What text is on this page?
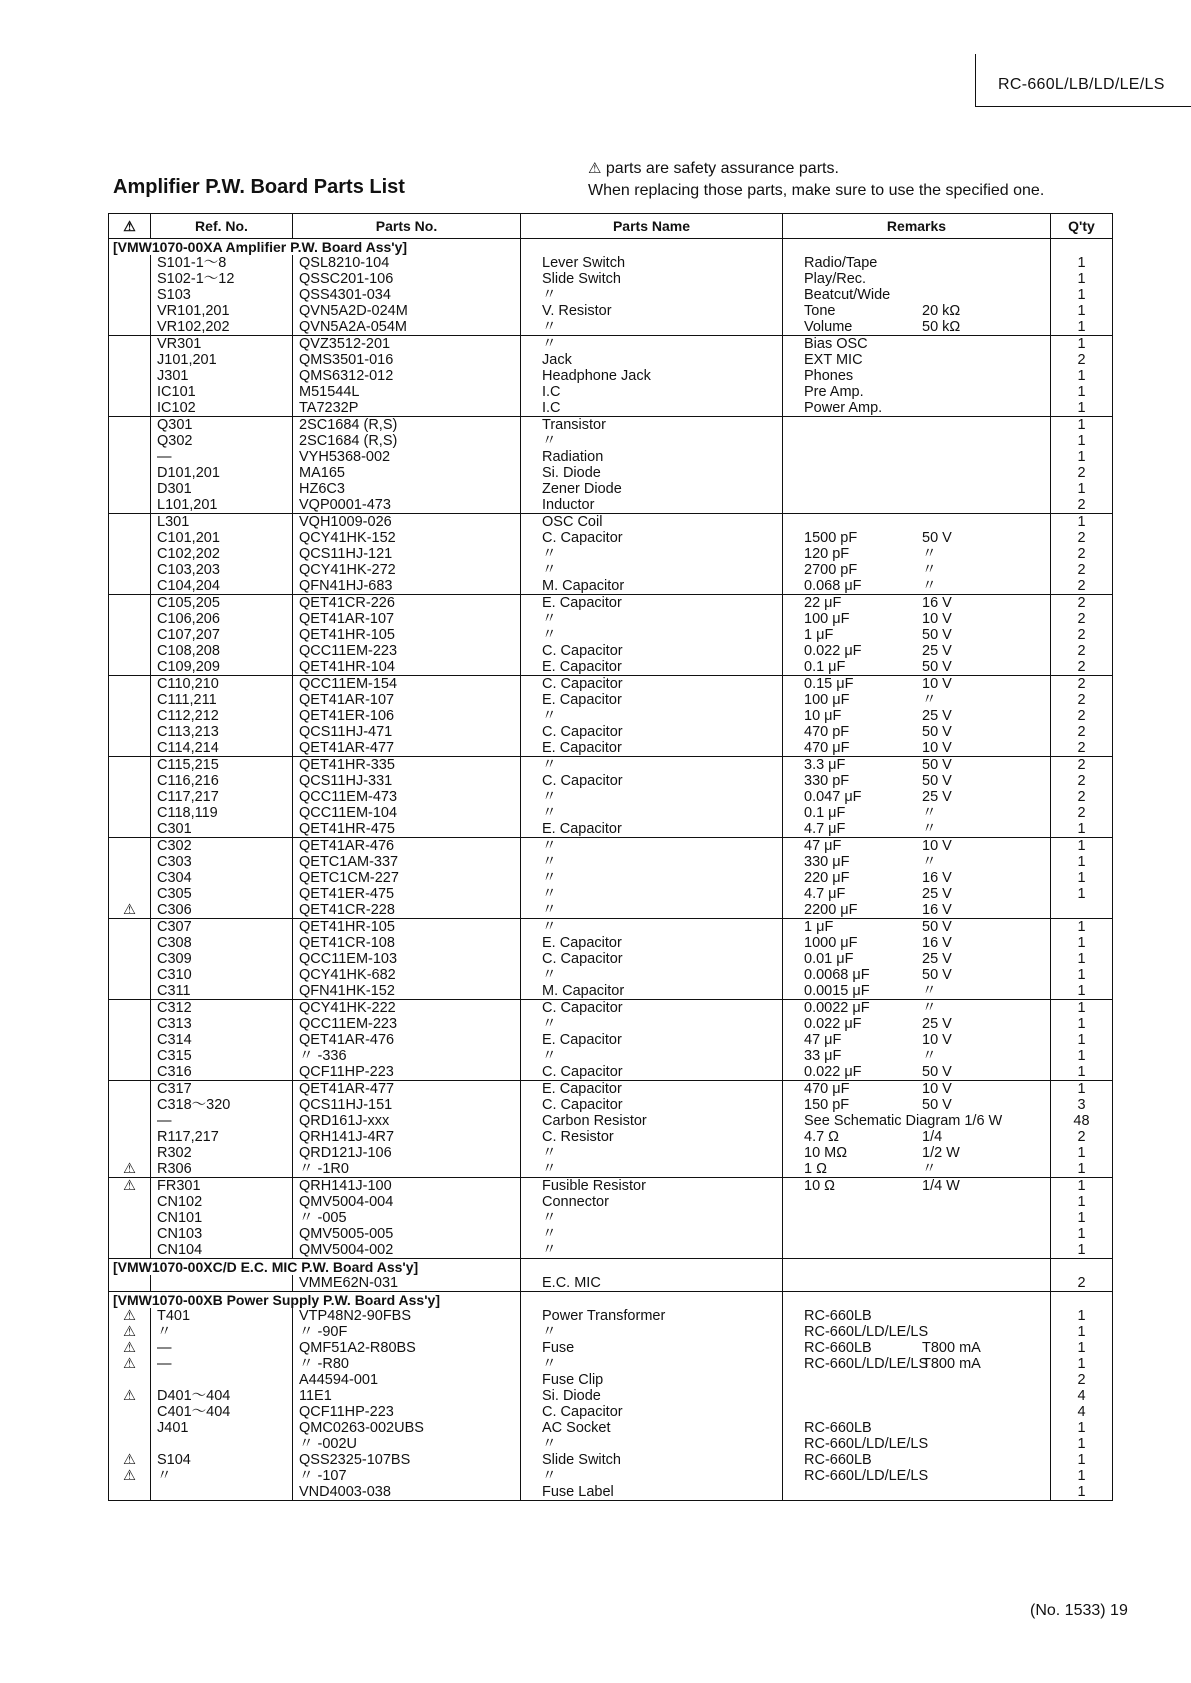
RC-660L/LB/LD/LE/LS
Amplifier P.W. Board Parts List
⚠ parts are safety assurance parts.
When replacing those parts, make sure to use the specified one.
⚠	Ref. No.	Parts No.	Parts Name	Remarks	Q'ty
[VMW1070-00XA Amplifier P.W. Board Ass'y]					
	S101-1～8	QSL8210-104	Lever Switch	Radio/Tape	1
	S102-1～12	QSSC201-106	Slide Switch	Play/Rec.	1
	S103	QSS4301-034	〃	Beatcut/Wide	1
	VR101,201	QVN5A2D-024M	V. Resistor	Tone 20 kΩ	1
	VR102,202	QVN5A2A-054M	〃	Volume 50 kΩ	1
	VR301	QVZ3512-201	〃	Bias OSC	1
	J101,201	QMS3501-016	Jack	EXT MIC	2
	J301	QMS6312-012	Headphone Jack	Phones	1
	IC101	M51544L	I.C	Pre Amp.	1
	IC102	TA7232P	I.C	Power Amp.	1
	Q301	2SC1684 (R,S)	Transistor		1
	Q302	2SC1684 (R,S)	〃		1
	—	VYH5368-002	Radiation		1
	D101,201	MA165	Si. Diode		2
	D301	HZ6C3	Zener Diode		1
	L101,201	VQP0001-473	Inductor		2
	L301	VQH1009-026	OSC Coil		1
	C101,201	QCY41HK-152	C. Capacitor	1500 pF 50 V	2
	C102,202	QCS11HJ-121	〃	120 pF 〃	2
	C103,203	QCY41HK-272	〃	2700 pF 〃	2
	C104,204	QFN41HJ-683	M. Capacitor	0.068 μF 〃	2
	C105,205	QET41CR-226	E. Capacitor	22 μF 16 V	2
	C106,206	QET41AR-107	〃	100 μF 10 V	2
	C107,207	QET41HR-105	〃	1 μF 50 V	2
	C108,208	QCC11EM-223	C. Capacitor	0.022 μF 25 V	2
	C109,209	QET41HR-104	E. Capacitor	0.1 μF 50 V	2
	C110,210	QCC11EM-154	C. Capacitor	0.15 μF 10 V	2
	C111,211	QET41AR-107	E. Capacitor	100 μF 〃	2
	C112,212	QET41ER-106	〃	10 μF 25 V	2
	C113,213	QCS11HJ-471	C. Capacitor	470 pF 50 V	2
	C114,214	QET41AR-477	E. Capacitor	470 μF 10 V	2
	C115,215	QET41HR-335	〃	3.3 μF 50 V	2
	C116,216	QCS11HJ-331	C. Capacitor	330 pF 50 V	2
	C117,217	QCC11EM-473	〃	0.047 μF 25 V	2
	C118,119	QCC11EM-104	〃	0.1 μF 〃	2
	C301	QET41HR-475	E. Capacitor	4.7 μF 〃	1
	C302	QET41AR-476	〃	47 μF 10 V	1
	C303	QETC1AM-337	〃	330 μF 〃	1
	C304	QETC1CM-227	〃	220 μF 16 V	1
	C305	QET41ER-475	〃	4.7 μF 25 V	1
⚠	C306	QET41CR-228	〃	2200 μF 16 V	
	C307	QET41HR-105	〃	1 μF 50 V	1
	C308	QET41CR-108	E. Capacitor	1000 μF 16 V	1
	C309	QCC11EM-103	C. Capacitor	0.01 μF 25 V	1
	C310	QCY41HK-682	〃	0.0068 μF 50 V	1
	C311	QFN41HK-152	M. Capacitor	0.0015 μF 〃	1
	C312	QCY41HK-222	C. Capacitor	0.0022 μF 〃	1
	C313	QCC11EM-223	〃	0.022 μF 25 V	1
	C314	QET41AR-476	E. Capacitor	47 μF 10 V	1
	C315	〃 -336	〃	33 μF 〃	1
	C316	QCF11HP-223	C. Capacitor	0.022 μF 50 V	1
	C317	QET41AR-477	E. Capacitor	470 μF 10 V	1
	C318～320	QCS11HJ-151	C. Capacitor	150 pF 50 V	3
	—	QRD161J-xxx	Carbon Resistor	See Schematic Diagram 1/6 W	48
	R117,217	QRH141J-4R7	C. Resistor	4.7 Ω 1/4	2
	R302	QRD121J-106	〃	10 MΩ 1/2 W	1
⚠	R306	〃 -1R0	〃	1 Ω 〃	1
⚠	FR301	QRH141J-100	Fusible Resistor	10 Ω 1/4 W	1
	CN102	QMV5004-004	Connector		1
	CN101	〃 -005	〃		1
	CN103	QMV5005-005	〃		1
	CN104	QMV5004-002	〃		1
[VMW1070-00XC/D E.C. MIC P.W. Board Ass'y]					
		VMME62N-031	E.C. MIC		2
[VMW1070-00XB Power Supply P.W. Board Ass'y]					
⚠	T401	VTP48N2-90FBS	Power Transformer	RC-660LB	1
⚠	〃	〃 -90F	〃	RC-660L/LD/LE/LS	1
⚠	—	QMF51A2-R80BS	Fuse	RC-660LB T800 mA	1
⚠	—	〃 -R80	〃	RC-660L/LD/LE/LST800 mA	1
		A44594-001	Fuse Clip		2
⚠	D401～404	11E1	Si. Diode		4
	C401～404	QCF11HP-223	C. Capacitor		4
	J401	QMC0263-002UBS	AC Socket	RC-660LB	1
		〃 -002U	〃	RC-660L/LD/LE/LS	1
⚠	S104	QSS2325-107BS	Slide Switch	RC-660LB	1
⚠	〃	〃 -107	〃	RC-660L/LD/LE/LS	1
		VND4003-038	Fuse Label		1
(No. 1533) 19
